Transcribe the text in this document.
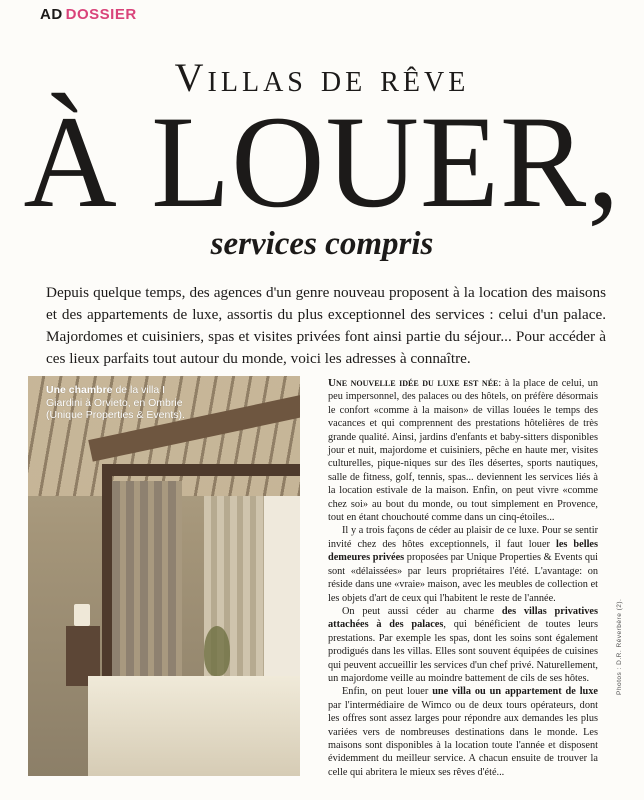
AD DOSSIER
Villas de rêve
À LOUER,
services compris
Depuis quelque temps, des agences d'un genre nouveau proposent à la location des maisons et des appartements de luxe, assortis du plus exceptionnel des services : celui d'un palace. Majordomes et cuisiniers, spas et visites privées font ainsi partie du séjour... Pour accéder à ces lieux parfaits tout autour du monde, voici les adresses à connaître.
Une chambre de la villa I Giardini à Orvieto, en Ombrie (Unique Properties & Events).

Une nouvelle idée du luxe est née: à la place de celui, un peu impersonnel, des palaces ou des hôtels, on préfère désormais le confort «comme à la maison» de villas louées le temps des vacances et qui comprennent des prestations hôtelières de très grande qualité. Ainsi, jardins d'enfants et baby-sitters disponibles jour et nuit, majordome et cuisiniers, pêche en haute mer, visites culturelles, pique-niques sur des îles désertes, sports nautiques, salle de fitness, golf, tennis, spas... deviennent les services liés à la location estivale de la maison. Enfin, on peut vivre «comme chez soi» au bout du monde, ou tout simplement en Provence, tout en étant chouchouté comme dans un cinq-étoiles...

Il y a trois façons de céder au plaisir de ce luxe. Pour se sentir invité chez des hôtes exceptionnels, il faut louer les belles demeures privées proposées par Unique Properties & Events qui sont «délaissées» par leurs propriétaires l'été. L'avantage: on réside dans une «vraie» maison, avec les meubles de collection et les objets d'art de ceux qui l'habitent le reste de l'année.

On peut aussi céder au charme des villas privatives attachées à des palaces, qui bénéficient de toutes leurs prestations. Par exemple les spas, dont les soins sont également prodigués dans les villas. Elles sont souvent équipées de cuisines qui peuvent accueillir les services d'un chef privé. Naturellement, un majordome veille au moindre battement de cils de ses hôtes.

Enfin, on peut louer une villa ou un appartement de luxe par l'intermédiaire de Wimco ou de deux tours opérateurs, dont les offres sont assez larges pour répondre aux demandes les plus variées vers de nombreuses destinations dans le monde. Les maisons sont disponibles à la location toute l'année et disposent évidemment du meilleur service. A chacun ensuite de trouver la celle qui abritera le mieux ses rêves d'été...

Photos : D.R. Réverbère (2).
